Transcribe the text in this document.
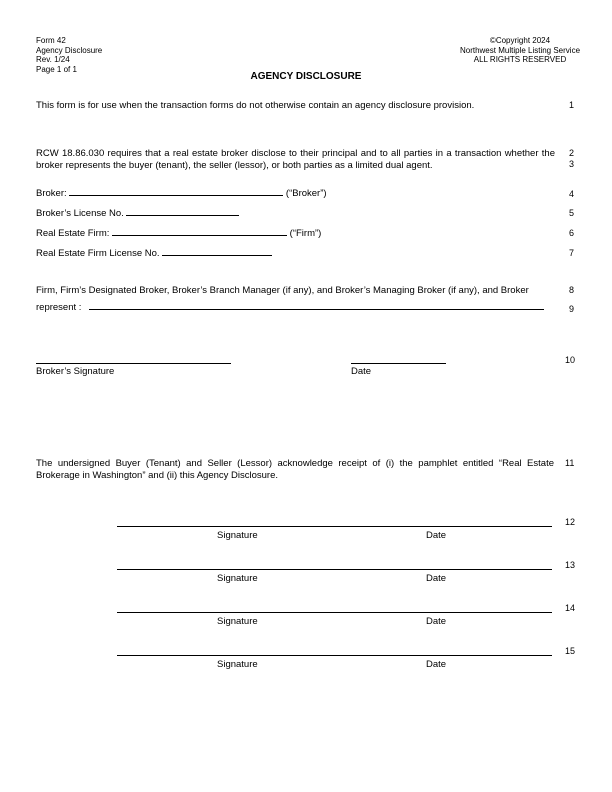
Form 42
Agency Disclosure
Rev. 1/24
Page 1 of 1
©Copyright 2024
Northwest Multiple Listing Service
ALL RIGHTS RESERVED
AGENCY DISCLOSURE
1
2
3
4
5
6
7
8
9
10
11
12
13
14
15
This form is for use when the transaction forms do not otherwise contain an agency disclosure provision.
RCW 18.86.030 requires that a real estate broker disclose to their principal and to all parties in a transaction whether the broker represents the buyer (tenant), the seller (lessor), or both parties as a limited dual agent.
Broker:	(“Broker”)
Broker’s License No.
Real Estate Firm:	(“Firm”)
Real Estate Firm License No.
Firm, Firm’s Designated Broker, Broker’s Branch Manager (if any), and Broker’s Managing Broker (if any), and Broker
represent :
Broker’s Signature	Date
The undersigned Buyer (Tenant) and Seller (Lessor) acknowledge receipt of (i) the pamphlet entitled “Real Estate Brokerage in Washington” and (ii) this Agency Disclosure.
Signature	Date
Signature	Date
Signature	Date
Signature	Date
